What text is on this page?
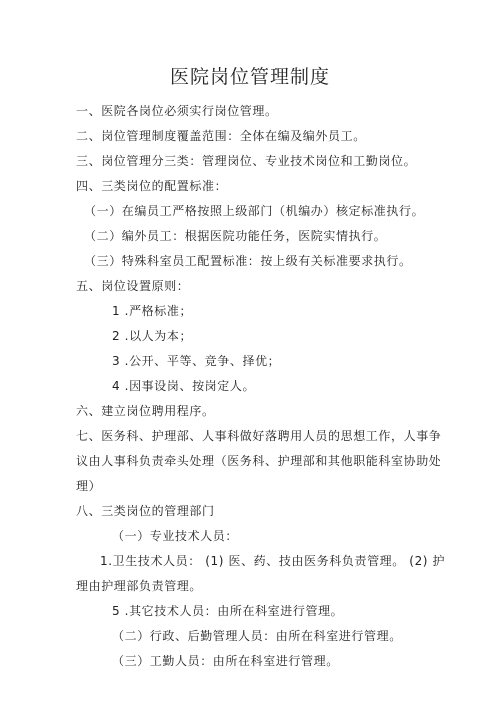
医院岗位管理制度
一、医院各岗位必须实行岗位管理。
二、岗位管理制度覆盖范围：全体在编及编外员工。
三、岗位管理分三类：管理岗位、专业技术岗位和工勤岗位。
四、三类岗位的配置标准：
（一）在编员工严格按照上级部门（机编办）核定标准执行。
（二）编外员工：根据医院功能任务，医院实情执行。
（三）特殊科室员工配置标准：按上级有关标准要求执行。
五、岗位设置原则：
1 .严格标准；
2 .以人为本；
3 .公开、平等、竞争、择优；
4 .因事设岗、按岗定人。
六、建立岗位聘用程序。
七、医务科、护理部、人事科做好落聘用人员的思想工作，人事争
议由人事科负责牵头处理（医务科、护理部和其他职能科室协助处
理）
八、三类岗位的管理部门
（一）专业技术人员：
1.卫生技术人员： (1) 医、药、技由医务科负责管理。 (2) 护
理由护理部负责管理。
5 .其它技术人员：由所在科室进行管理。
（二）行政、后勤管理人员：由所在科室进行管理。
（三）工勤人员：由所在科室进行管理。
